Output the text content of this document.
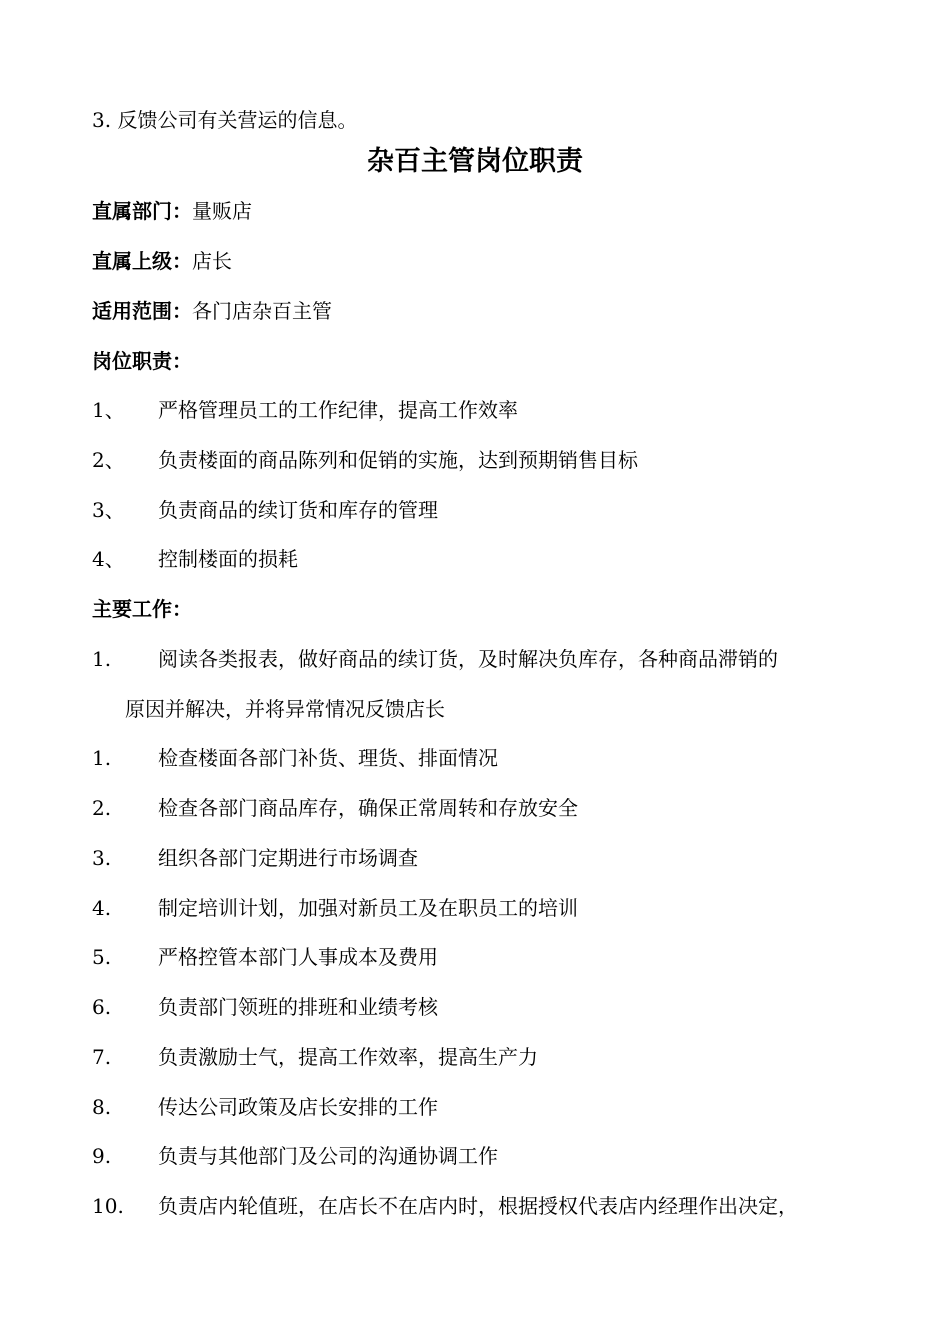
3. 反馈公司有关营运的信息。
杂百主管岗位职责
直属部门：量贩店
直属上级：店长
适用范围：各门店杂百主管
岗位职责：
1、 严格管理员工的工作纪律，提高工作效率
2、 负责楼面的商品陈列和促销的实施，达到预期销售目标
3、 负责商品的续订货和库存的管理
4、 控制楼面的损耗
主要工作：
1. 阅读各类报表，做好商品的续订货，及时解决负库存，各种商品滞销的
原因并解决，并将异常情况反馈店长
1. 检查楼面各部门补货、理货、排面情况
2. 检查各部门商品库存，确保正常周转和存放安全
3. 组织各部门定期进行市场调查
4. 制定培训计划，加强对新员工及在职员工的培训
5. 严格控管本部门人事成本及费用
6. 负责部门领班的排班和业绩考核
7. 负责激励士气，提高工作效率，提高生产力
8. 传达公司政策及店长安排的工作
9. 负责与其他部门及公司的沟通协调工作
10. 负责店内轮值班，在店长不在店内时，根据授权代表店内经理作出决定，
